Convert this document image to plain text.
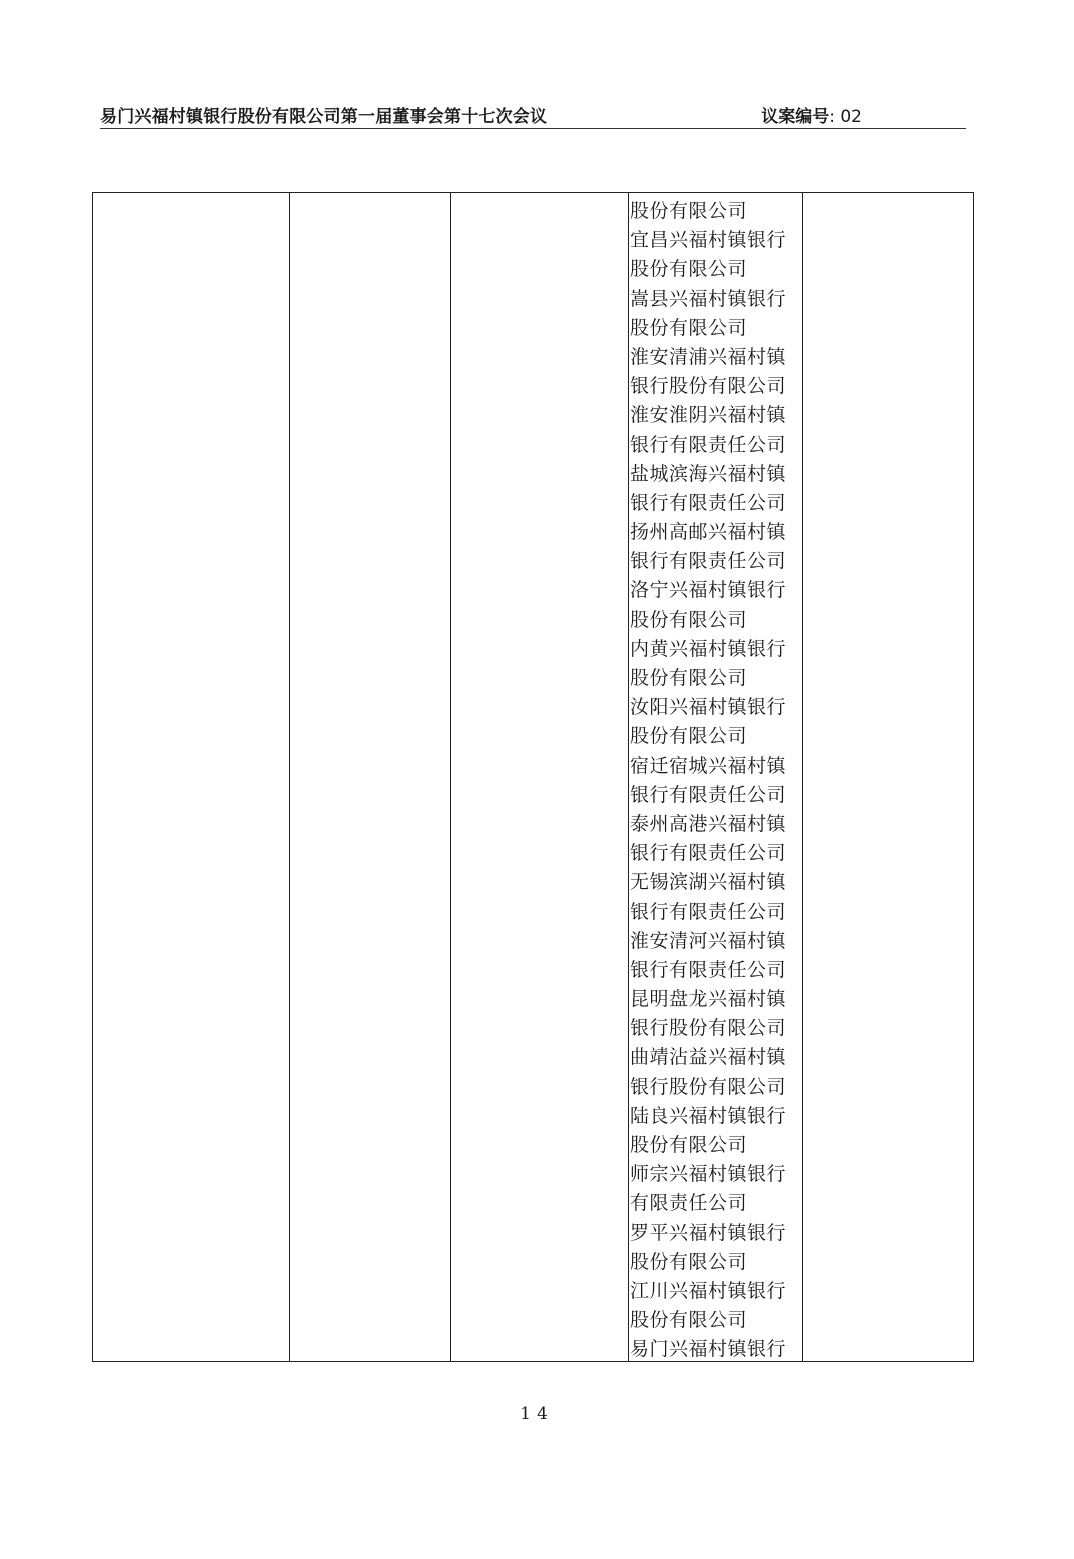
易门兴福村镇银行股份有限公司第一届董事会第十七次会议	议案编号: 02
股份有限公司
宜昌兴福村镇银行
股份有限公司
嵩县兴福村镇银行
股份有限公司
淮安清浦兴福村镇
银行股份有限公司
淮安淮阴兴福村镇
银行有限责任公司
盐城滨海兴福村镇
银行有限责任公司
扬州高邮兴福村镇
银行有限责任公司
洛宁兴福村镇银行
股份有限公司
内黄兴福村镇银行
股份有限公司
汝阳兴福村镇银行
股份有限公司
宿迁宿城兴福村镇
银行有限责任公司
泰州高港兴福村镇
银行有限责任公司
无锡滨湖兴福村镇
银行有限责任公司
淮安清河兴福村镇
银行有限责任公司
昆明盘龙兴福村镇
银行股份有限公司
曲靖沾益兴福村镇
银行股份有限公司
陆良兴福村镇银行
股份有限公司
师宗兴福村镇银行
有限责任公司
罗平兴福村镇银行
股份有限公司
江川兴福村镇银行
股份有限公司
易门兴福村镇银行
14
